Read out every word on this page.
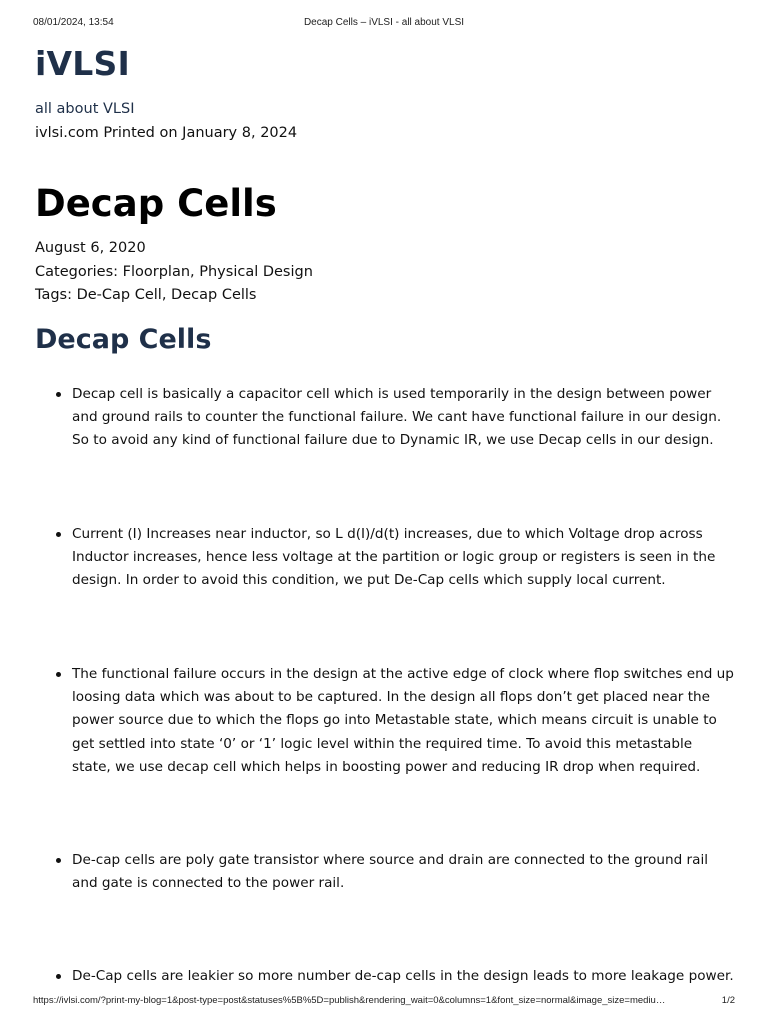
08/01/2024, 13:54	Decap Cells – iVLSI - all about VLSI
iVLSI
all about VLSI
ivlsi.com Printed on January 8, 2024
Decap Cells
August 6, 2020
Categories: Floorplan, Physical Design
Tags: De-Cap Cell, Decap Cells
Decap Cells
Decap cell is basically a capacitor cell which is used temporarily in the design between power and ground rails to counter the functional failure. We cant have functional failure in our design. So to avoid any kind of functional failure due to Dynamic IR, we use Decap cells in our design.
Current (I) Increases near inductor, so L d(I)/d(t) increases, due to which Voltage drop across Inductor increases, hence less voltage at the partition or logic group or registers is seen in the design. In order to avoid this condition, we put De-Cap cells which supply local current.
The functional failure occurs in the design at the active edge of clock where flop switches end up loosing data which was about to be captured. In the design all flops don’t get placed near the power source due to which the flops go into Metastable state, which means circuit is unable to get settled into state ‘0’ or ‘1’ logic level within the required time. To avoid this metastable state, we use decap cell which helps in boosting power and reducing IR drop when required.
De-cap cells are poly gate transistor where source and drain are connected to the ground rail and gate is connected to the power rail.
De-Cap cells are leakier so more number de-cap cells in the design leads to more leakage power.
https://ivlsi.com/?print-my-blog=1&post-type=post&statuses%5B%5D=publish&rendering_wait=0&columns=1&font_size=normal&image_size=mediu…	1/2
